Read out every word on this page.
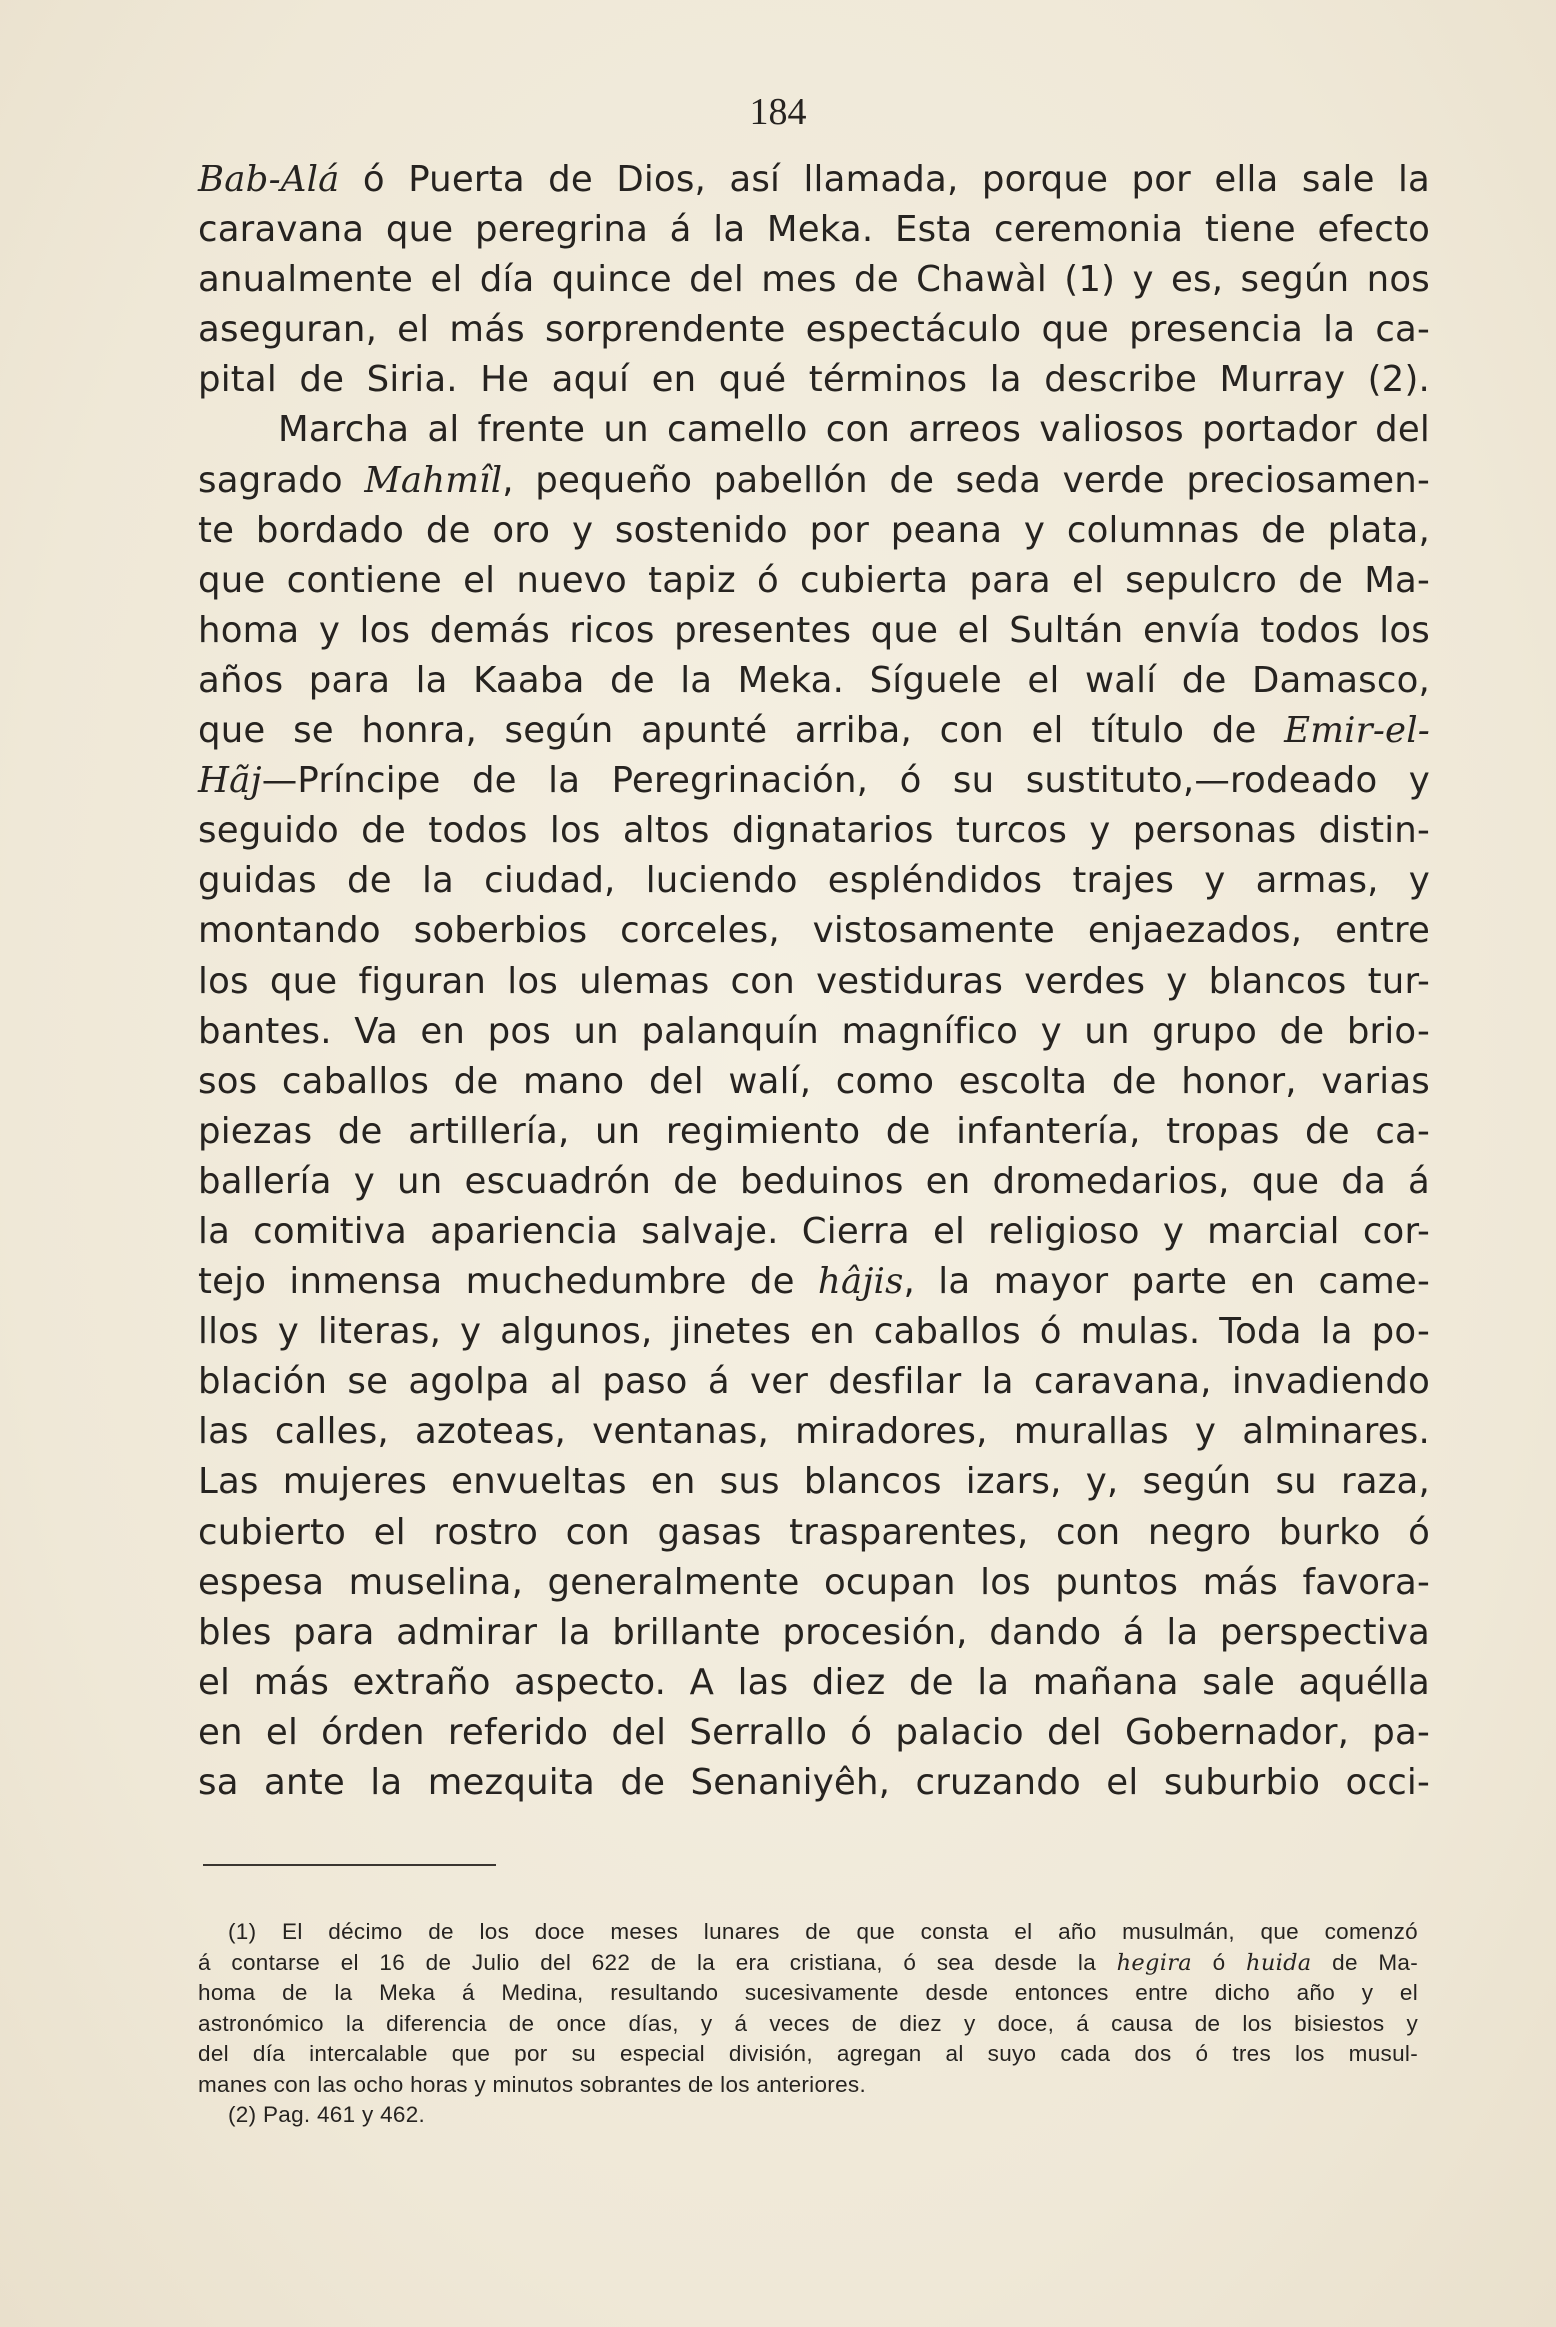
184

Bab-Alá ó Puerta de Dios, así llamada, porque por ella sale la
caravana que peregrina á la Meka. Esta ceremonia tiene efecto
anualmente el día quince del mes de Chawàl (1) y es, según nos
aseguran, el más sorprendente espectáculo que presencia la ca-
pital de Siria. He aquí en qué términos la describe Murray (2).
Marcha al frente un camello con arreos valiosos portador del
sagrado Mahmîl, pequeño pabellón de seda verde preciosamen-
te bordado de oro y sostenido por peana y columnas de plata,
que contiene el nuevo tapiz ó cubierta para el sepulcro de Ma-
homa y los demás ricos presentes que el Sultán envía todos los
años para la Kaaba de la Meka. Síguele el walí de Damasco,
que se honra, según apunté arriba, con el título de Emir-el-
Hãj—Príncipe de la Peregrinación, ó su sustituto,—rodeado y
seguido de todos los altos dignatarios turcos y personas distin-
guidas de la ciudad, luciendo espléndidos trajes y armas, y
montando soberbios corceles, vistosamente enjaezados, entre
los que figuran los ulemas con vestiduras verdes y blancos tur-
bantes. Va en pos un palanquín magnífico y un grupo de brio-
sos caballos de mano del walí, como escolta de honor, varias
piezas de artillería, un regimiento de infantería, tropas de ca-
ballería y un escuadrón de beduinos en dromedarios, que da á
la comitiva apariencia salvaje. Cierra el religioso y marcial cor-
tejo inmensa muchedumbre de hâjis, la mayor parte en came-
llos y literas, y algunos, jinetes en caballos ó mulas. Toda la po-
blación se agolpa al paso á ver desfilar la caravana, invadiendo
las calles, azoteas, ventanas, miradores, murallas y alminares.
Las mujeres envueltas en sus blancos izars, y, según su raza,
cubierto el rostro con gasas trasparentes, con negro burko ó
espesa muselina, generalmente ocupan los puntos más favora-
bles para admirar la brillante procesión, dando á la perspectiva
el más extraño aspecto. A las diez de la mañana sale aquélla
en el órden referido del Serrallo ó palacio del Gobernador, pa-
sa ante la mezquita de Senaniyêh, cruzando el suburbio occi-
(1) El décimo de los doce meses lunares de que consta el año musulmán, que comenzó
á contarse el 16 de Julio del 622 de la era cristiana, ó sea desde la hegira ó huida de Ma-
homa de la Meka á Medina, resultando sucesivamente desde entonces entre dicho año y el
astronómico la diferencia de once días, y á veces de diez y doce, á causa de los bisiestos y
del día intercalable que por su especial división, agregan al suyo cada dos ó tres los musul-
manes con las ocho horas y minutos sobrantes de los anteriores.
(2) Pag. 461 y 462.
